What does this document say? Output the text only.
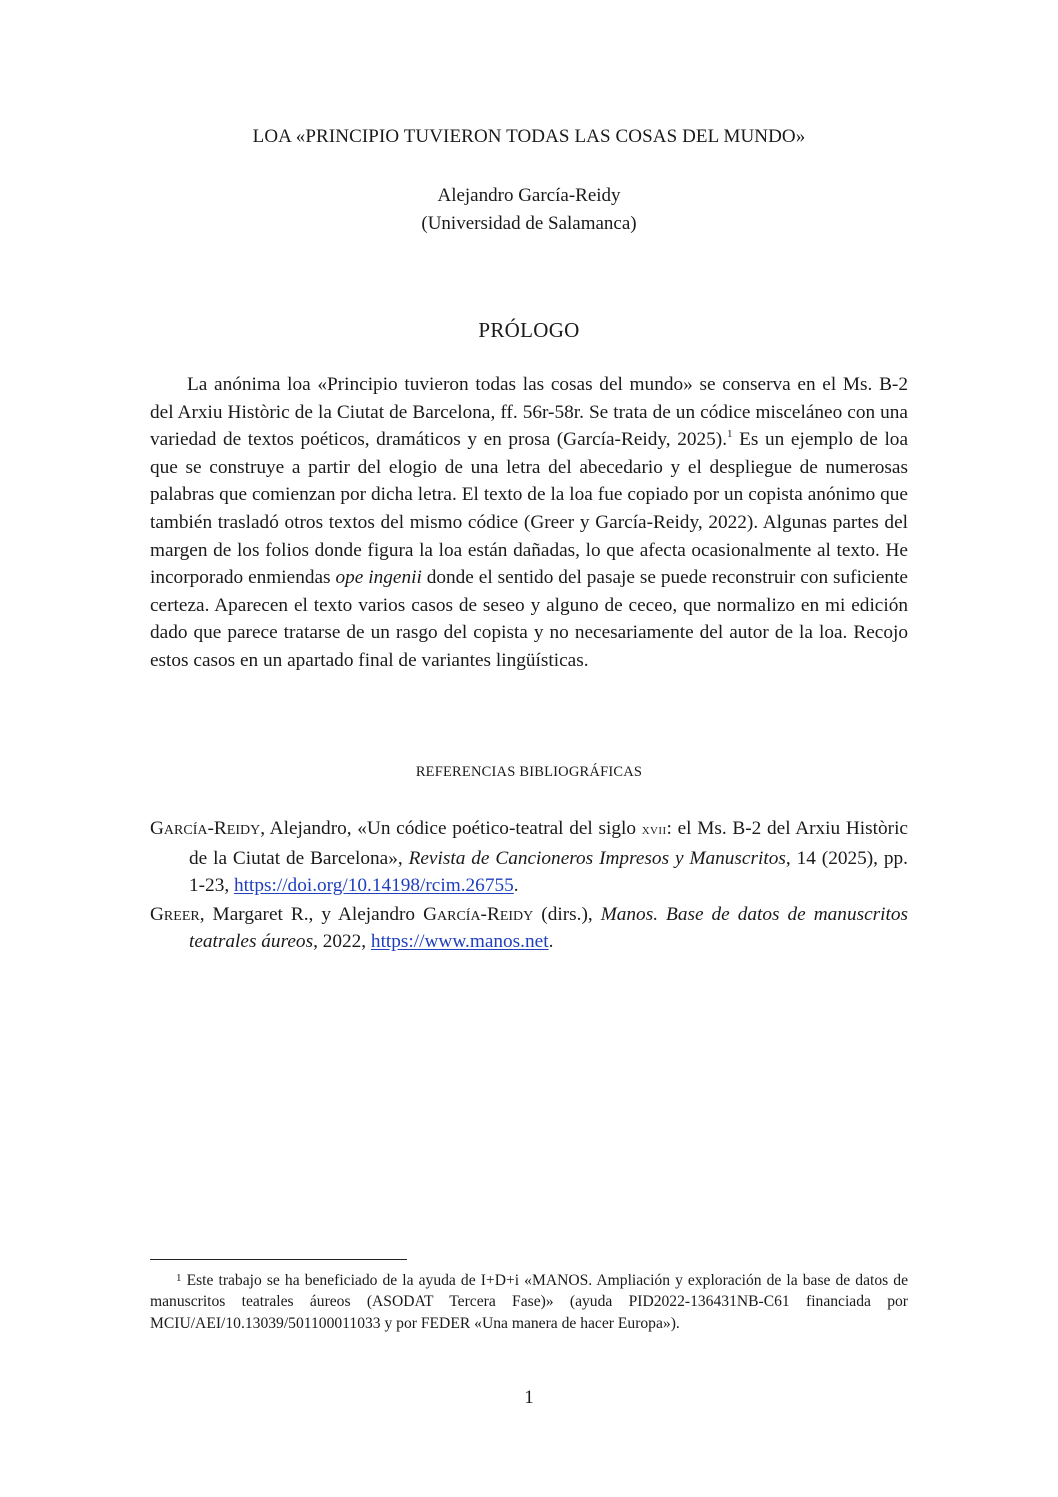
LOA «PRINCIPIO TUVIERON TODAS LAS COSAS DEL MUNDO»
Alejandro García-Reidy
(Universidad de Salamanca)
PRÓLOGO

La anónima loa «Principio tuvieron todas las cosas del mundo» se conserva en el Ms. B-2 del Arxiu Històric de la Ciutat de Barcelona, ff. 56r-58r. Se trata de un códice misceláneo con una variedad de textos poéticos, dramáticos y en prosa (García-Reidy, 2025).$^1$ Es un ejemplo de loa que se construye a partir del elogio de una letra del abecedario y el despliegue de numerosas palabras que comienzan por dicha letra. El texto de la loa fue copiado por un copista anónimo que también trasladó otros textos del mismo códice (Greer y García-Reidy, 2022). Algunas partes del margen de los folios donde figura la loa están dañadas, lo que afecta ocasionalmente al texto. He incorporado enmiendas ope ingenii donde el sentido del pasaje se puede reconstruir con suficiente certeza. Aparecen el texto varios casos de seseo y alguno de ceceo, que normalizo en mi edición dado que parece tratarse de un rasgo del copista y no necesariamente del autor de la loa. Recojo estos casos en un apartado final de variantes lingüísticas.

REFERENCIAS BIBLIOGRÁFICAS
García-Reidy, Alejandro, «Un códice poético-teatral del siglo xvii: el Ms. B-2 del Arxiu Històric de la Ciutat de Barcelona», Revista de Cancioneros Impresos y Manuscritos, 14 (2025), pp. 1-23, https://doi.org/10.14198/rcim.26755.
Greer, Margaret R., y Alejandro García-Reidy (dirs.), Manos. Base de datos de manuscritos teatrales áureos, 2022, https://www.manos.net.

$^1$ Este trabajo se ha beneficiado de la ayuda de I+D+i «MANOS. Ampliación y exploración de la base de datos de manuscritos teatrales áureos (ASODAT Tercera Fase)» (ayuda PID2022-136431NB-C61 financiada por MCIU/AEI/10.13039/501100011033 y por FEDER «Una manera de hacer Europa»).

1
